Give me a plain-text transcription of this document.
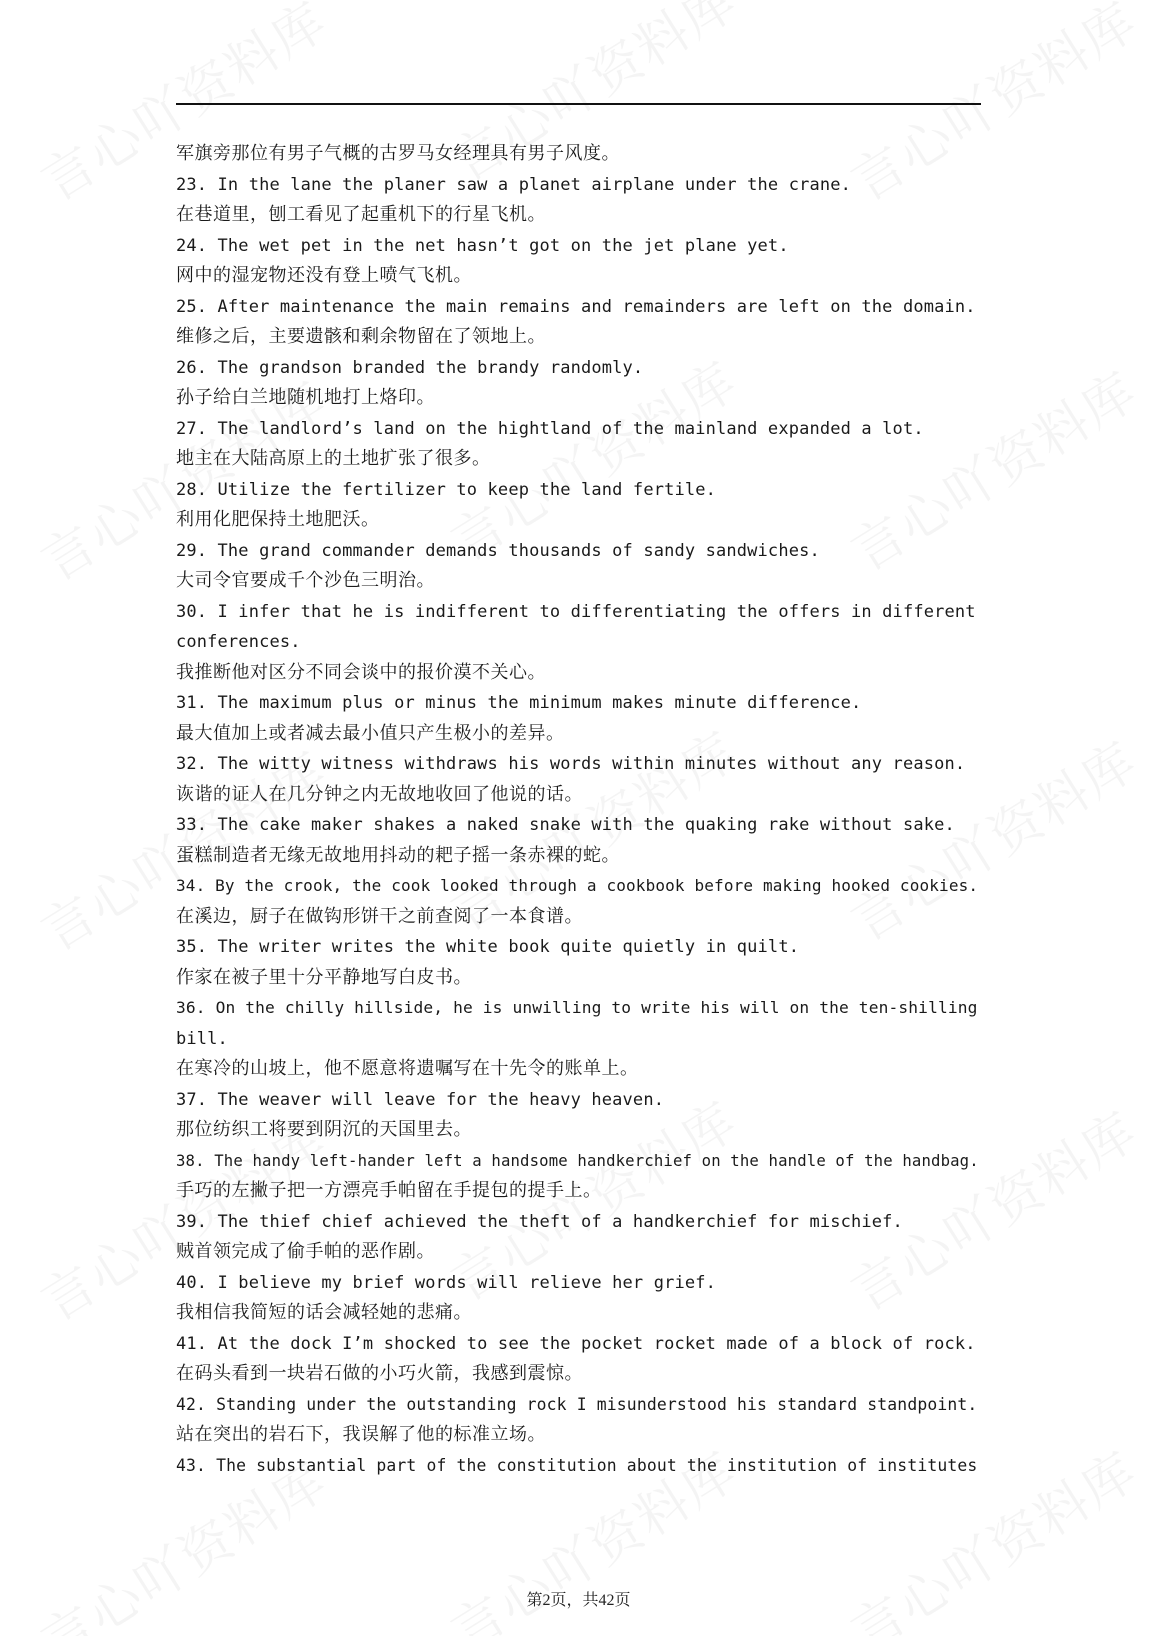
军旗旁那位有男子气概的古罗马女经理具有男子风度。
23. In the lane the planer saw a planet airplane under the crane.
在巷道里，刨工看见了起重机下的行星飞机。
24. The wet pet in the net hasn’t got on the jet plane yet.
网中的湿宠物还没有登上喷气飞机。
25. After maintenance the main remains and remainders are left on the domain.
维修之后，主要遗骸和剩余物留在了领地上。
26. The grandson branded the brandy randomly.
孙子给白兰地随机地打上烙印。
27. The landlord’s land on the hightland of the mainland expanded a lot.
地主在大陆高原上的土地扩张了很多。
28. Utilize the fertilizer to keep the land fertile.
利用化肥保持土地肥沃。
29. The grand commander demands thousands of sandy sandwiches.
大司令官要成千个沙色三明治。
30. I infer that he is indifferent to differentiating the offers in different
conferences.
我推断他对区分不同会谈中的报价漠不关心。
31. The maximum plus or minus the minimum makes minute difference.
最大值加上或者减去最小值只产生极小的差异。
32. The witty witness withdraws his words within minutes without any reason.
诙谐的证人在几分钟之内无故地收回了他说的话。
33. The cake maker shakes a naked snake with the quaking rake without sake.
蛋糕制造者无缘无故地用抖动的耙子摇一条赤裸的蛇。
34. By the crook, the cook looked through a cookbook before making hooked cookies.
在溪边，厨子在做钩形饼干之前查阅了一本食谱。
35. The writer writes the white book quite quietly in quilt.
作家在被子里十分平静地写白皮书。
36. On the chilly hillside, he is unwilling to write his will on the ten-shilling
bill.
在寒冷的山坡上，他不愿意将遗嘱写在十先令的账单上。
37. The weaver will leave for the heavy heaven.
那位纺织工将要到阴沉的天国里去。
38. The handy left-hander left a handsome handkerchief on the handle of the handbag.
手巧的左撇子把一方漂亮手帕留在手提包的提手上。
39. The thief chief achieved the theft of a handkerchief for mischief.
贼首领完成了偷手帕的恶作剧。
40. I believe my brief words will relieve her grief.
我相信我简短的话会减轻她的悲痛。
41. At the dock I’m shocked to see the pocket rocket made of a block of rock.
在码头看到一块岩石做的小巧火箭，我感到震惊。
42. Standing under the outstanding rock I misunderstood his standard standpoint.
站在突出的岩石下，我误解了他的标准立场。
43. The substantial part of the constitution about the institution of institutes
第2页，共42页
